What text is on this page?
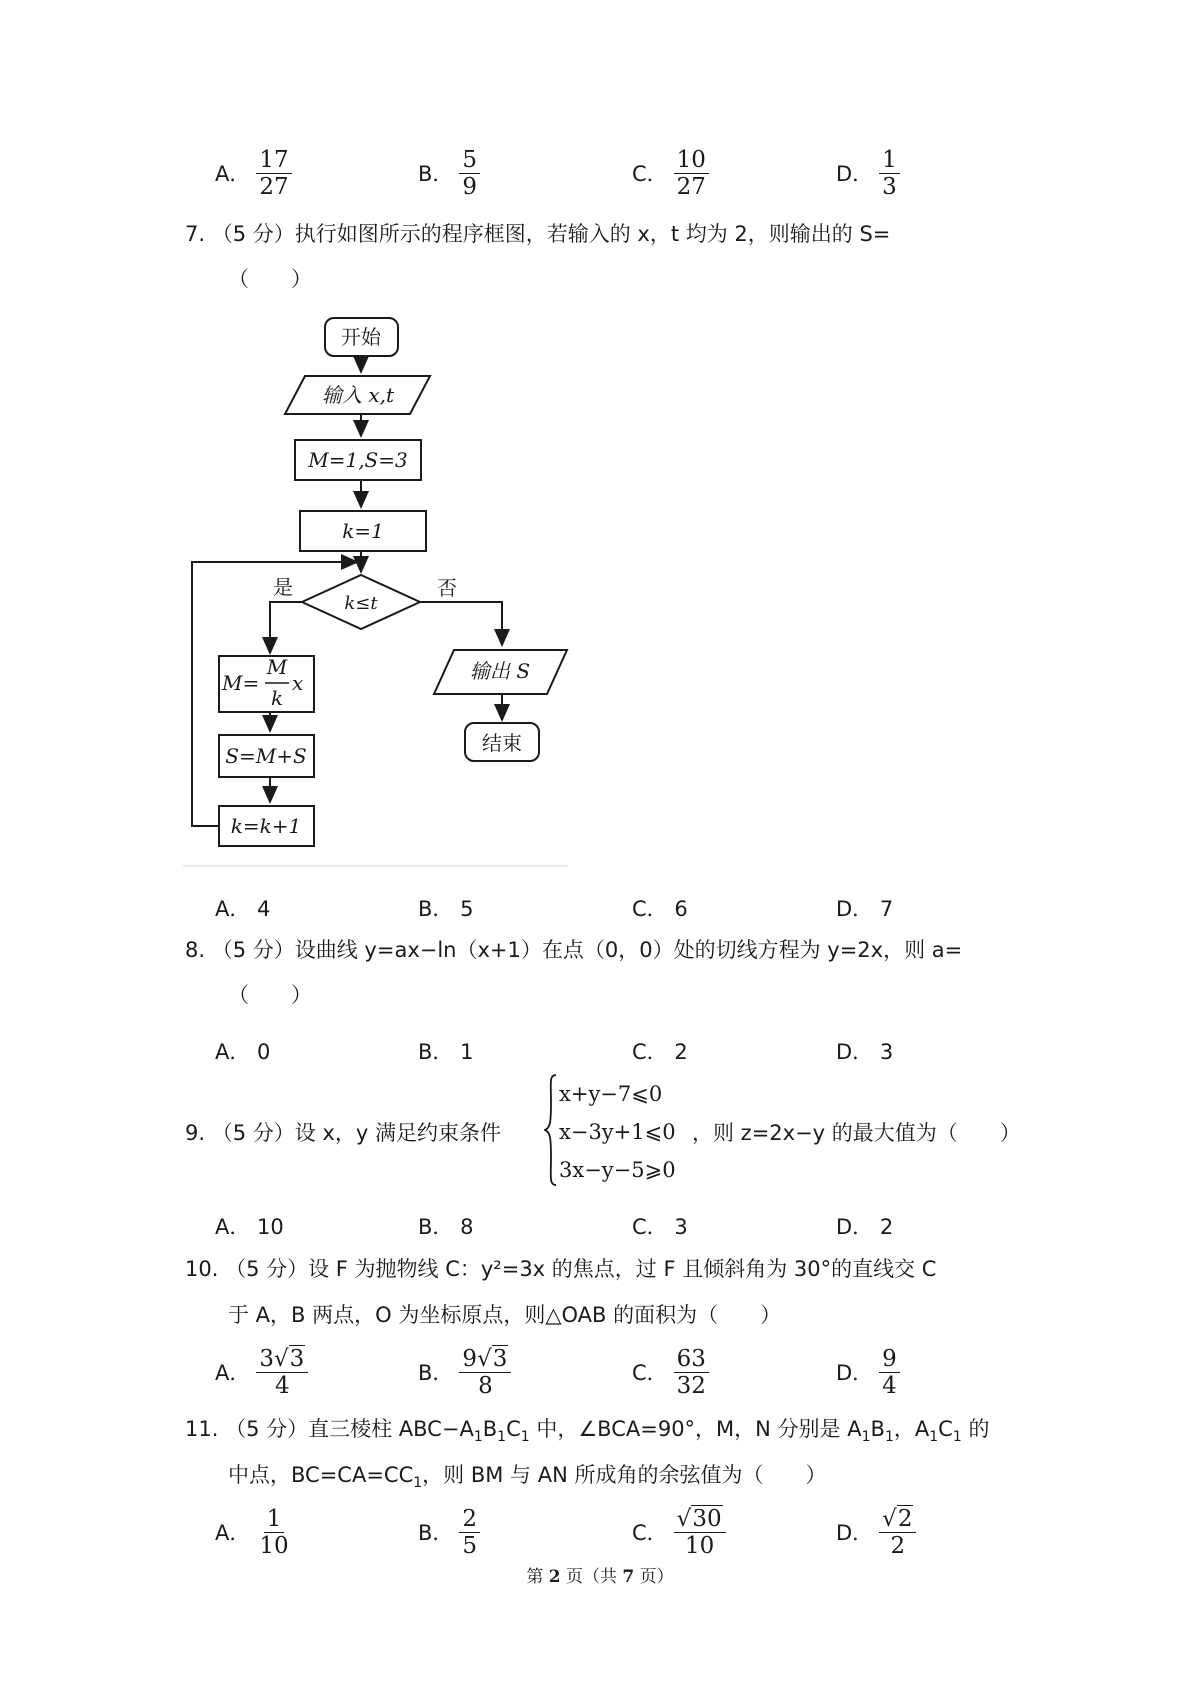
A． $\frac{17}{27}$	B． $\frac{5}{9}$	C． $\frac{10}{27}$	D． $\frac{1}{3}$
7. （5 分）执行如图所示的程序框图，若输入的 x，t 均为 2，则输出的 S=
（　　）
开始
输入 x,t
M=1,S=3
k=1
k≤t
是	否
M=
M
k
x
S=M+S
k=k+1
输出 S
结束
A． 4	B． 5	C． 6	D． 7
8. （5 分）设曲线 y=ax−ln（x+1）在点（0，0）处的切线方程为 y=2x，则 a=
（　　）
A． 0	B． 1	C． 2	D． 3
9. （5 分）设 x，y 满足约束条件
x+y−7⩽0
x−3y+1⩽0
3x−y−5⩾0
，则 z=2x−y 的最大值为（　　）
A． 10	B． 8	C． 3	D． 2
10. （5 分）设 F 为抛物线 C：y²=3x 的焦点，过 F 且倾斜角为 30°的直线交 C
于 A，B 两点，O 为坐标原点，则△OAB 的面积为（　　）
A． $\frac{3√3}{4}$	B． $\frac{9√3}{8}$	C． $\frac{63}{32}$	D． $\frac{9}{4}$
11. （5 分）直三棱柱 $ABC-A_1B_1C_1$ 中，∠BCA=90°，M，N 分别是 $A_1B_1$，$A_1C_1$ 的
中点，$BC=CA=CC_1$，则 BM 与 AN 所成角的余弦值为（　　）
A． $\frac{1}{10}$	B． $\frac{2}{5}$	C． $\frac{√30}{10}$	D． $\frac{√2}{2}$
第 2 页（共 7 页）
